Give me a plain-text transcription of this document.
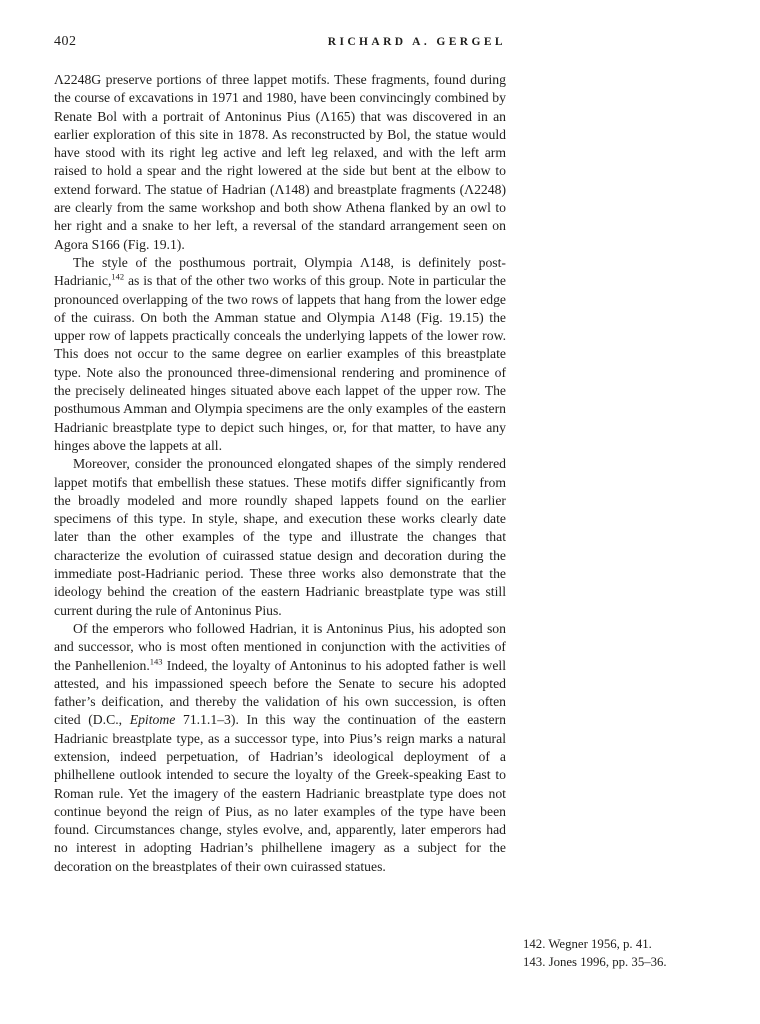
402	RICHARD A. GERGEL

Λ2248G preserve portions of three lappet motifs. These fragments, found during the course of excavations in 1971 and 1980, have been convincingly combined by Renate Bol with a portrait of Antoninus Pius (Λ165) that was discovered in an earlier exploration of this site in 1878. As reconstructed by Bol, the statue would have stood with its right leg active and left leg relaxed, and with the left arm raised to hold a spear and the right lowered at the side but bent at the elbow to extend forward. The statue of Hadrian (Λ148) and breastplate fragments (Λ2248) are clearly from the same workshop and both show Athena flanked by an owl to her right and a snake to her left, a reversal of the standard arrangement seen on Agora S166 (Fig. 19.1).

The style of the posthumous portrait, Olympia Λ148, is definitely post-Hadrianic,$^{142}$ as is that of the other two works of this group. Note in particular the pronounced overlapping of the two rows of lappets that hang from the lower edge of the cuirass. On both the Amman statue and Olympia Λ148 (Fig. 19.15) the upper row of lappets practically conceals the underlying lappets of the lower row. This does not occur to the same degree on earlier examples of this breastplate type. Note also the pronounced three-dimensional rendering and prominence of the precisely delineated hinges situated above each lappet of the upper row. The posthumous Amman and Olympia specimens are the only examples of the eastern Hadrianic breastplate type to depict such hinges, or, for that matter, to have any hinges above the lappets at all.

Moreover, consider the pronounced elongated shapes of the simply rendered lappet motifs that embellish these statues. These motifs differ significantly from the broadly modeled and more roundly shaped lappets found on the earlier specimens of this type. In style, shape, and execution these works clearly date later than the other examples of the type and illustrate the changes that characterize the evolution of cuirassed statue design and decoration during the immediate post-Hadrianic period. These three works also demonstrate that the ideology behind the creation of the eastern Hadrianic breastplate type was still current during the rule of Antoninus Pius.

Of the emperors who followed Hadrian, it is Antoninus Pius, his adopted son and successor, who is most often mentioned in conjunction with the activities of the Panhellenion.$^{143}$ Indeed, the loyalty of Antoninus to his adopted father is well attested, and his impassioned speech before the Senate to secure his adopted father’s deification, and thereby the validation of his own succession, is often cited (D.C., Epitome 71.1.1–3). In this way the continuation of the eastern Hadrianic breastplate type, as a successor type, into Pius’s reign marks a natural extension, indeed perpetuation, of Hadrian’s ideological deployment of a philhellene outlook intended to secure the loyalty of the Greek-speaking East to Roman rule. Yet the imagery of the eastern Hadrianic breastplate type does not continue beyond the reign of Pius, as no later examples of the type have been found. Circumstances change, styles evolve, and, apparently, later emperors had no interest in adopting Hadrian’s philhellene imagery as a subject for the decoration on the breastplates of their own cuirassed statues.

142. Wegner 1956, p. 41.
143. Jones 1996, pp. 35–36.
